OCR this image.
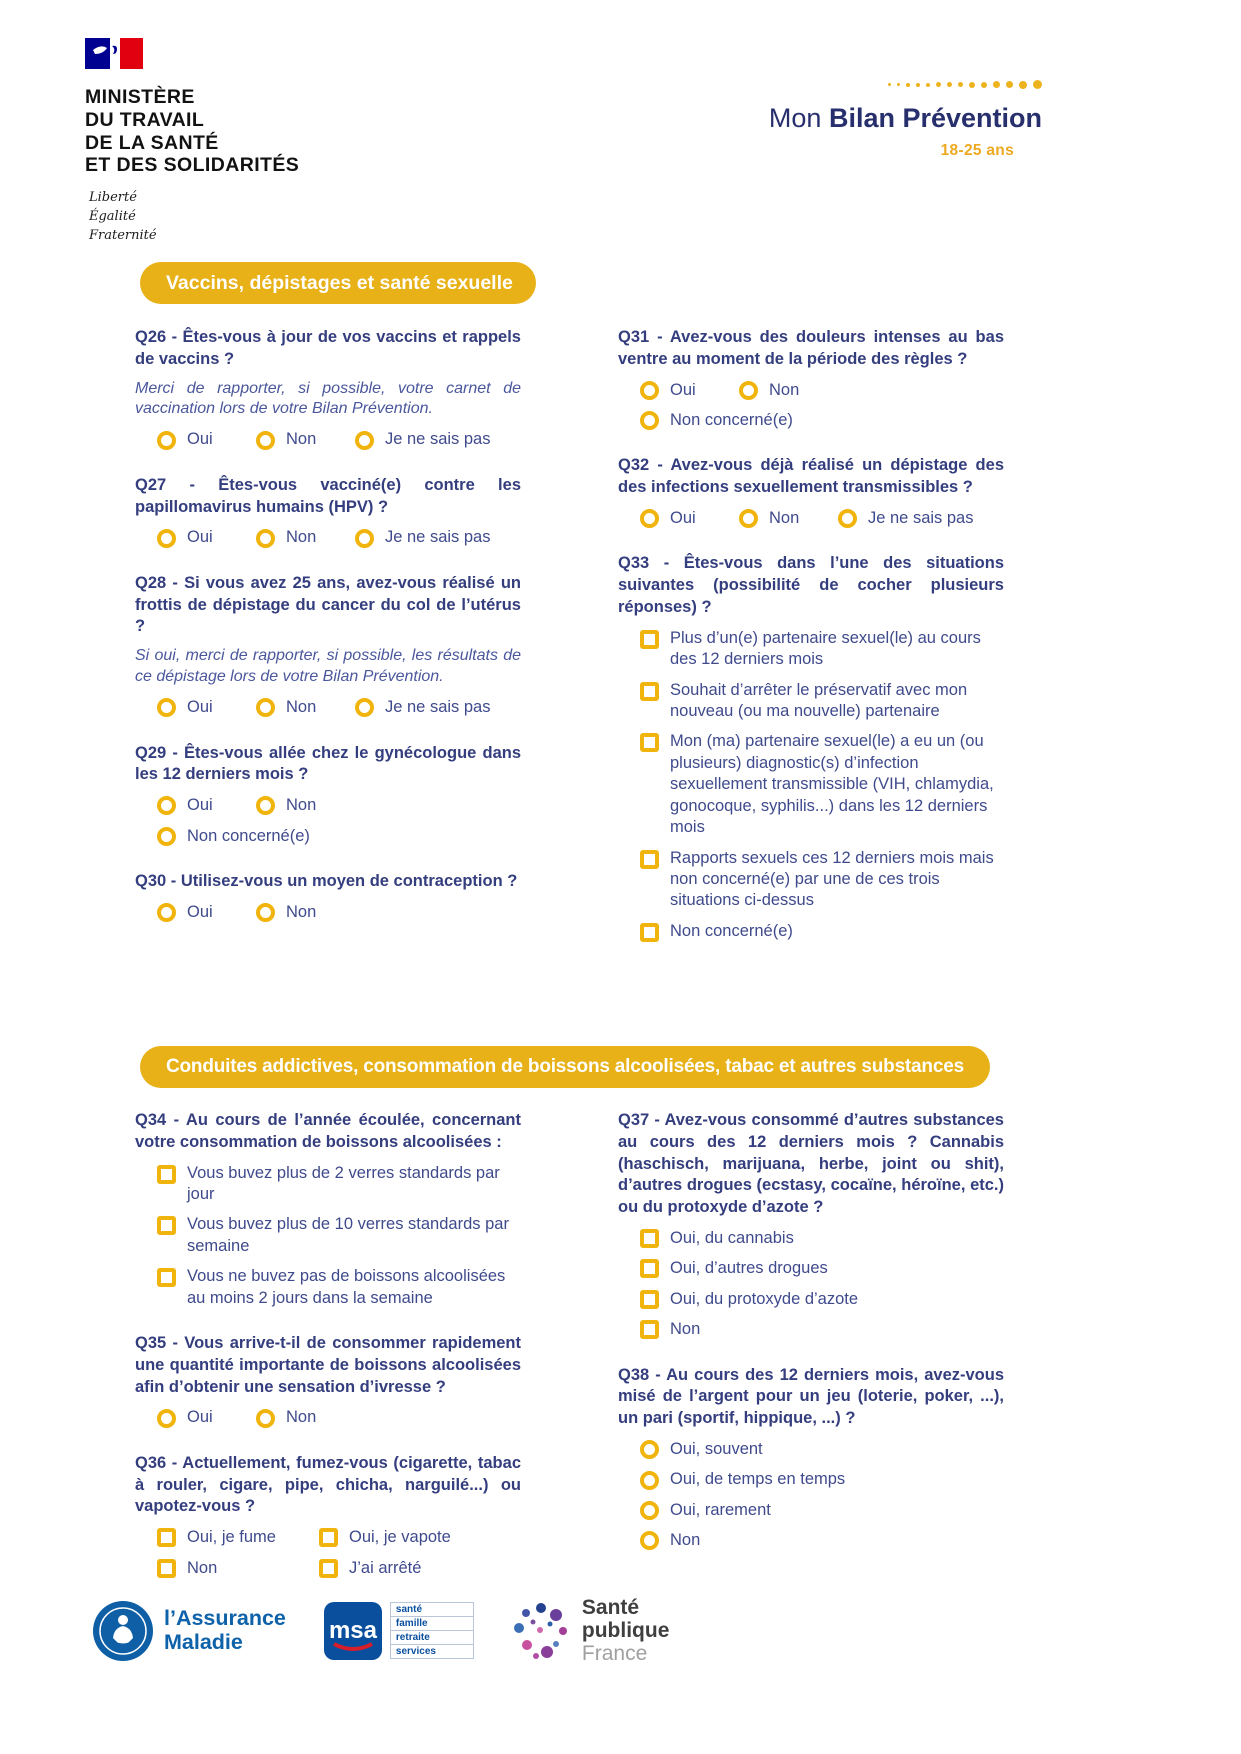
MINISTÈRE
DU TRAVAIL
DE LA SANTÉ
ET DES SOLIDARITÉS
Liberté
Égalité
Fraternité
Mon Bilan Prévention
18-25 ans
Vaccins, dépistages et santé sexuelle

Q26 - Êtes-vous à jour de vos vaccins et rappels de vaccins ?

Merci de rapporter, si possible, votre carnet de vaccination lors de votre Bilan Prévention.

Oui	Non	Je ne sais pas

Q27 - Êtes-vous vacciné(e) contre les papillomavirus humains (HPV) ?

Oui	Non	Je ne sais pas

Q28 - Si vous avez 25 ans, avez-vous réalisé un frottis de dépistage du cancer du col de l’utérus ?

Si oui, merci de rapporter, si possible, les résultats de ce dépistage lors de votre Bilan Prévention.

Oui	Non	Je ne sais pas

Q29 - Êtes-vous allée chez le gynécologue dans les 12 derniers mois ?

Oui	Non
Non concerné(e)

Q30 - Utilisez-vous un moyen de contraception ?

Oui	Non

Q31 - Avez-vous des douleurs intenses au bas ventre au moment de la période des règles ?

Oui	Non
Non concerné(e)

Q32 - Avez-vous déjà réalisé un dépistage des des infections sexuellement transmissibles ?

Oui	Non	Je ne sais pas

Q33 - Êtes-vous dans l’une des situations suivantes (possibilité de cocher plusieurs réponses) ?

Plus d’un(e) partenaire sexuel(le) au cours des 12 derniers mois
Souhait d’arrêter le préservatif avec mon nouveau (ou ma nouvelle) partenaire
Mon (ma) partenaire sexuel(le) a eu un (ou plusieurs) diagnostic(s) d’infection sexuellement transmissible (VIH, chlamydia, gonocoque, syphilis...) dans les 12 derniers mois
Rapports sexuels ces 12 derniers mois mais non concerné(e) par une de ces trois situations ci-dessus
Non concerné(e)
Conduites addictives, consommation de boissons alcoolisées, tabac et autres substances

Q34 - Au cours de l’année écoulée, concernant votre consommation de boissons alcoolisées :

Vous buvez plus de 2 verres standards par jour
Vous buvez plus de 10 verres standards par semaine
Vous ne buvez pas de boissons alcoolisées au moins 2 jours dans la semaine

Q35 - Vous arrive-t-il de consommer rapidement une quantité importante de boissons alcoolisées afin d’obtenir une sensation d’ivresse ?

Oui	Non

Q36 - Actuellement, fumez-vous (cigarette, tabac à rouler, cigare, pipe, chicha, narguilé...) ou vapotez-vous ?

Oui, je fume	Oui, je vapote
Non	J’ai arrêté

Q37 - Avez-vous consommé d’autres substances au cours des 12 derniers mois ? Cannabis (haschisch, marijuana, herbe, joint ou shit), d’autres drogues (ecstasy, cocaïne, héroïne, etc.) ou du protoxyde d’azote ?

Oui, du cannabis
Oui, d’autres drogues
Oui, du protoxyde d’azote
Non

Q38 - Au cours des 12 derniers mois, avez-vous misé de l’argent pour un jeu (loterie, poker, ...), un pari (sportif, hippique, ...) ?

Oui, souvent
Oui, de temps en temps
Oui, rarement
Non
l’Assurance
Maladie	msa
santé
famille
retraite
services
Santé
publique
France
